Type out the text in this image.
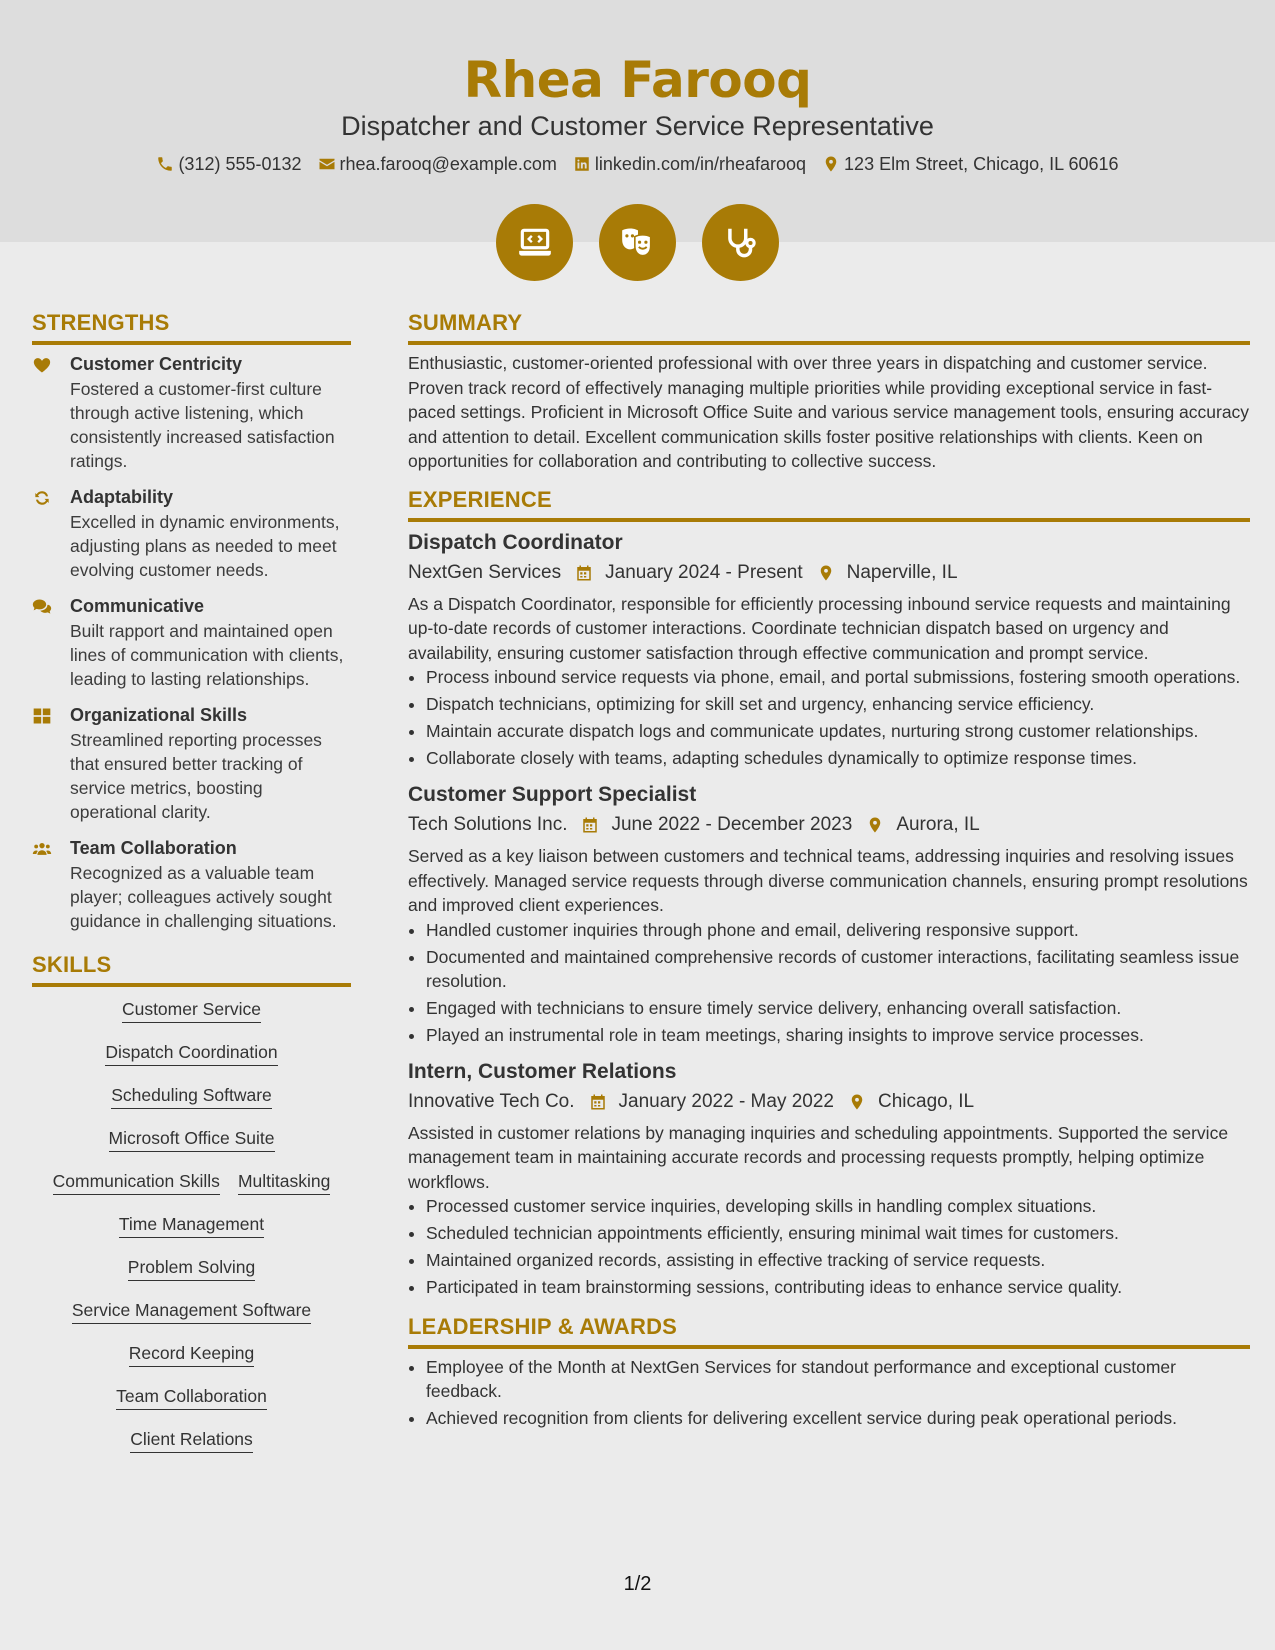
Rhea Farooq
Dispatcher and Customer Service Representative
(312) 555-0132 rhea.farooq@example.com linkedin.com/in/rheafarooq 123 Elm Street, Chicago, IL 60616
STRENGTHS
Customer Centricity
Fostered a customer-first culture through active listening, which consistently increased satisfaction ratings.
Adaptability
Excelled in dynamic environments, adjusting plans as needed to meet evolving customer needs.
Communicative
Built rapport and maintained open lines of communication with clients, leading to lasting relationships.
Organizational Skills
Streamlined reporting processes that ensured better tracking of service metrics, boosting operational clarity.
Team Collaboration
Recognized as a valuable team player; colleagues actively sought guidance in challenging situations.
SKILLS
Customer Service
Dispatch Coordination
Scheduling Software
Microsoft Office Suite
Communication Skills Multitasking
Time Management
Problem Solving
Service Management Software
Record Keeping
Team Collaboration
Client Relations
SUMMARY
Enthusiastic, customer-oriented professional with over three years in dispatching and customer service. Proven track record of effectively managing multiple priorities while providing exceptional service in fast-paced settings. Proficient in Microsoft Office Suite and various service management tools, ensuring accuracy and attention to detail. Excellent communication skills foster positive relationships with clients. Keen on opportunities for collaboration and contributing to collective success.
EXPERIENCE
Dispatch Coordinator
NextGen Services January 2024 - Present Naperville, IL
As a Dispatch Coordinator, responsible for efficiently processing inbound service requests and maintaining up-to-date records of customer interactions. Coordinate technician dispatch based on urgency and availability, ensuring customer satisfaction through effective communication and prompt service.
• Process inbound service requests via phone, email, and portal submissions, fostering smooth operations.
• Dispatch technicians, optimizing for skill set and urgency, enhancing service efficiency.
• Maintain accurate dispatch logs and communicate updates, nurturing strong customer relationships.
• Collaborate closely with teams, adapting schedules dynamically to optimize response times.
Customer Support Specialist
Tech Solutions Inc. June 2022 - December 2023 Aurora, IL
Served as a key liaison between customers and technical teams, addressing inquiries and resolving issues effectively. Managed service requests through diverse communication channels, ensuring prompt resolutions and improved client experiences.
• Handled customer inquiries through phone and email, delivering responsive support.
• Documented and maintained comprehensive records of customer interactions, facilitating seamless issue resolution.
• Engaged with technicians to ensure timely service delivery, enhancing overall satisfaction.
• Played an instrumental role in team meetings, sharing insights to improve service processes.
Intern, Customer Relations
Innovative Tech Co. January 2022 - May 2022 Chicago, IL
Assisted in customer relations by managing inquiries and scheduling appointments. Supported the service management team in maintaining accurate records and processing requests promptly, helping optimize workflows.
• Processed customer service inquiries, developing skills in handling complex situations.
• Scheduled technician appointments efficiently, ensuring minimal wait times for customers.
• Maintained organized records, assisting in effective tracking of service requests.
• Participated in team brainstorming sessions, contributing ideas to enhance service quality.
LEADERSHIP & AWARDS
• Employee of the Month at NextGen Services for standout performance and exceptional customer feedback.
• Achieved recognition from clients for delivering excellent service during peak operational periods.
1/2
